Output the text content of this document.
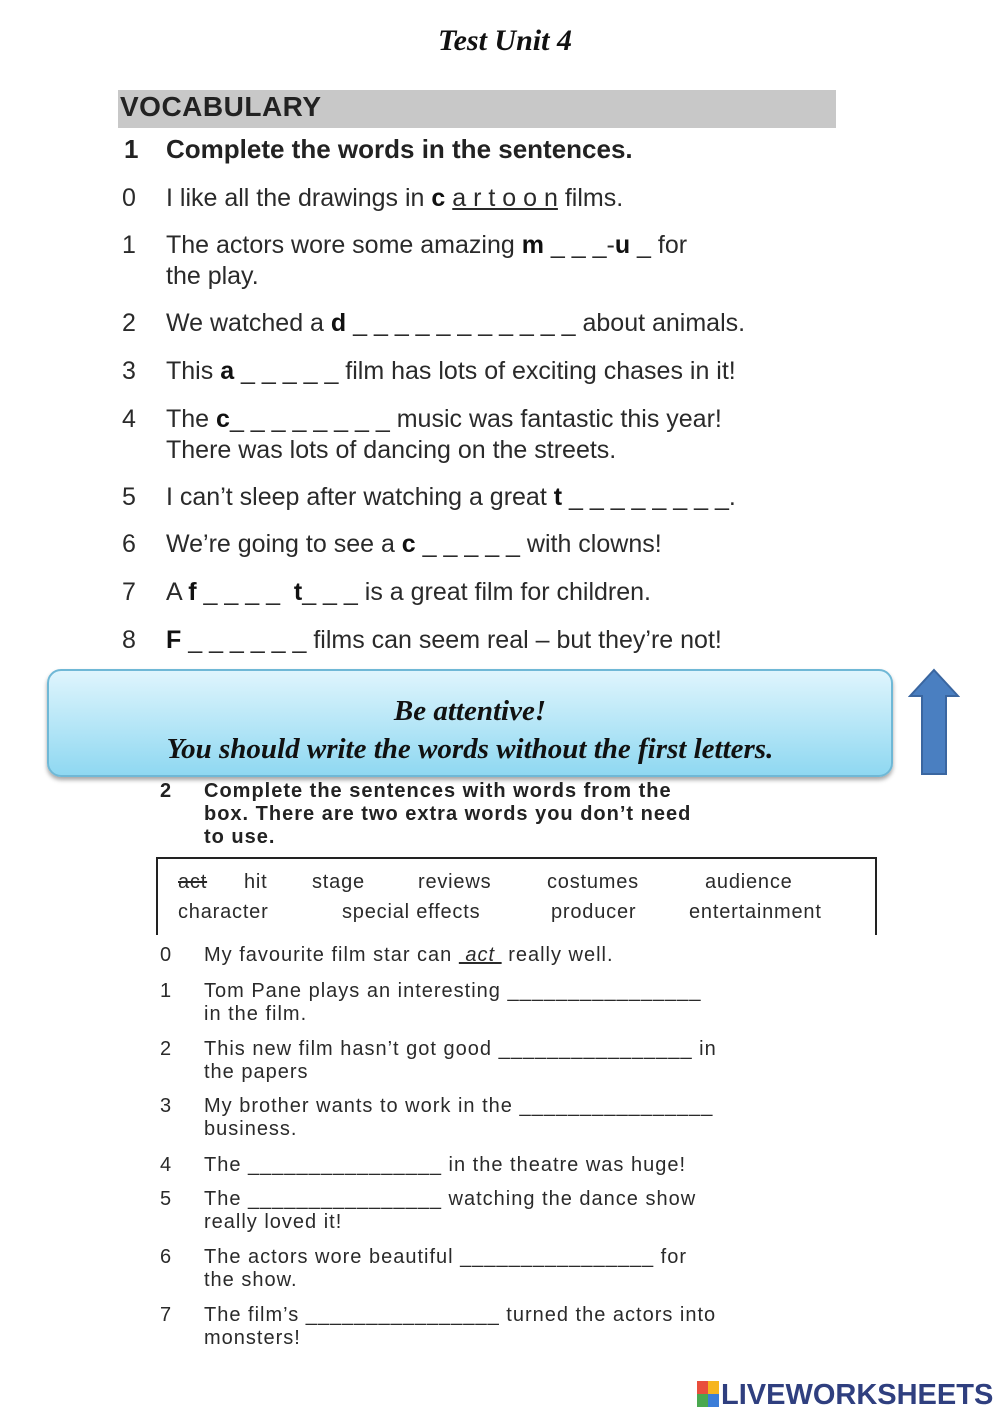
Test Unit 4
VOCABULARY
1 Complete the words in the sentences.
0 I like all the drawings in c a r t o o n films.
1 The actors wore some amazing m _ _ _-u _ for
the play.
2 We watched a d _ _ _ _ _ _ _ _ _ _ _ about animals.
3 This a _ _ _ _ _ film has lots of exciting chases in it!
4 The c_ _ _ _ _ _ _ _ music was fantastic this year!
There was lots of dancing on the streets.
5 I can’t sleep after watching a great t _ _ _ _ _ _ _ _.
6 We’re going to see a c _ _ _ _ _ with clowns!
7 A f _ _ _ _  t_ _ _ is a great film for children.
8 F _ _ _ _ _ _ films can seem real – but they’re not!
Be attentive!
You should write the words without the first letters.
2 Complete the sentences with words from the
box. There are two extra words you don’t need
to use.
act hit stage	reviews	costumes	audience
character	special effects	producer	entertainment
0 My favourite film star can  act  really well.
1 Tom Pane plays an interesting ________________
in the film.
2 This new film hasn’t got good ________________ in
the papers
3 My brother wants to work in the ________________
business.
4 The ________________ in the theatre was huge!
5 The ________________ watching the dance show
really loved it!
6 The actors wore beautiful ________________ for
the show.
7 The film’s ________________ turned the actors into
monsters!
LIVEWORKSHEETS
